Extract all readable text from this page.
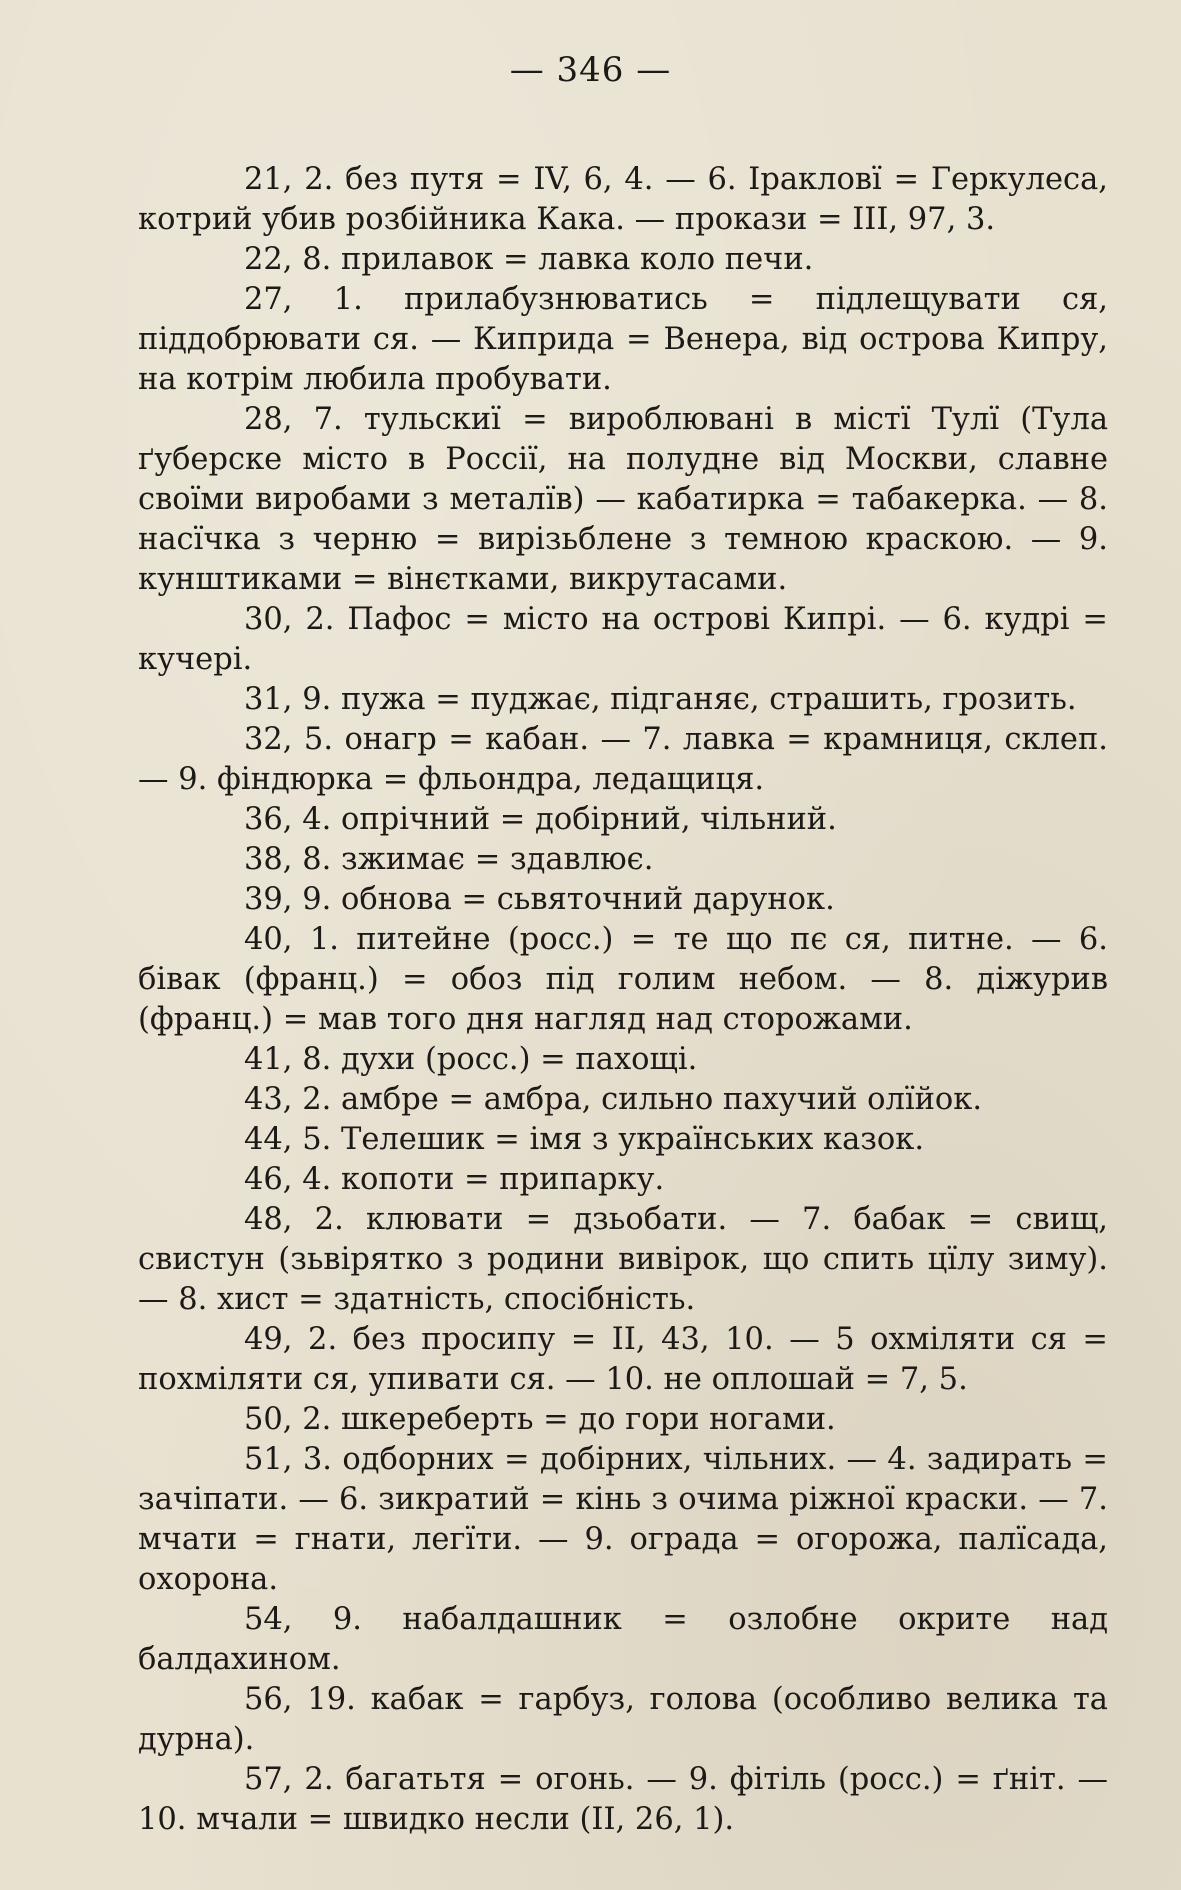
— 346 —

21, 2. без путя = IV, 6, 4. — 6. Іракловї = Геркулеса, котрий убив розбійника Кака. — прокази = III, 97, 3.

22, 8. прилавок = лавка коло печи.

27, 1. прилабузнюватись = підлещувати ся, піддобрювати ся. — Киприда = Венера, від острова Кипру, на котрім любила пробувати.

28, 7. тульскиї = вироблювані в містї Тулї (Тула ґуберске місто в Россії, на полудне від Москви, славне своїми виробами з металїв) — кабатирка = табакерка. — 8. насїчка з черню = вирізьблене з темною краскою. — 9. кунштиками = вінєтками, викрутасами.

30, 2. Пафос = місто на острові Кипрі. — 6. кудрі = кучері.

31, 9. пужа = пуджає, підганяє, страшить, грозить.

32, 5. онагр = кабан. — 7. лавка = крамниця, склеп. — 9. фіндюрка = фльондра, ледащиця.

36, 4. опрічний = добірний, чільний.

38, 8. зжимає = здавлює.

39, 9. обнова = сьвяточний дарунок.

40, 1. питейне (росс.) = те що пє ся, питне. — 6. бівак (франц.) = обоз під голим небом. — 8. діжурив (франц.) = мав того дня нагляд над сторожами.

41, 8. духи (росс.) = пахощі.

43, 2. амбре = амбра, сильно пахучий олїйок.

44, 5. Телешик = імя з українських казок.

46, 4. копоти = припарку.

48, 2. клювати = дзьобати. — 7. бабак = свищ, свистун (зьвірятко з родини вивірок, що спить цїлу зиму). — 8. хист = здатність, спосібність.

49, 2. без просипу = II, 43, 10. — 5 охміляти ся = похміляти ся, упивати ся. — 10. не оплошай = 7, 5.

50, 2. шкереберть = до гори ногами.

51, 3. одборних = добірних, чільних. — 4. задирать = зачіпати. — 6. зикратий = кінь з очима ріжної краски. — 7. мчати = гнати, легїти. — 9. ограда = огорожа, палїсада, охорона.

54, 9. набалдашник = озлобне окрите над балдахином.

56, 19. кабак = гарбуз, голова (особливо велика та дурна).

57, 2. багатьтя = огонь. — 9. фітіль (росс.) = ґніт. — 10. мчали = швидко несли (II, 26, 1).
